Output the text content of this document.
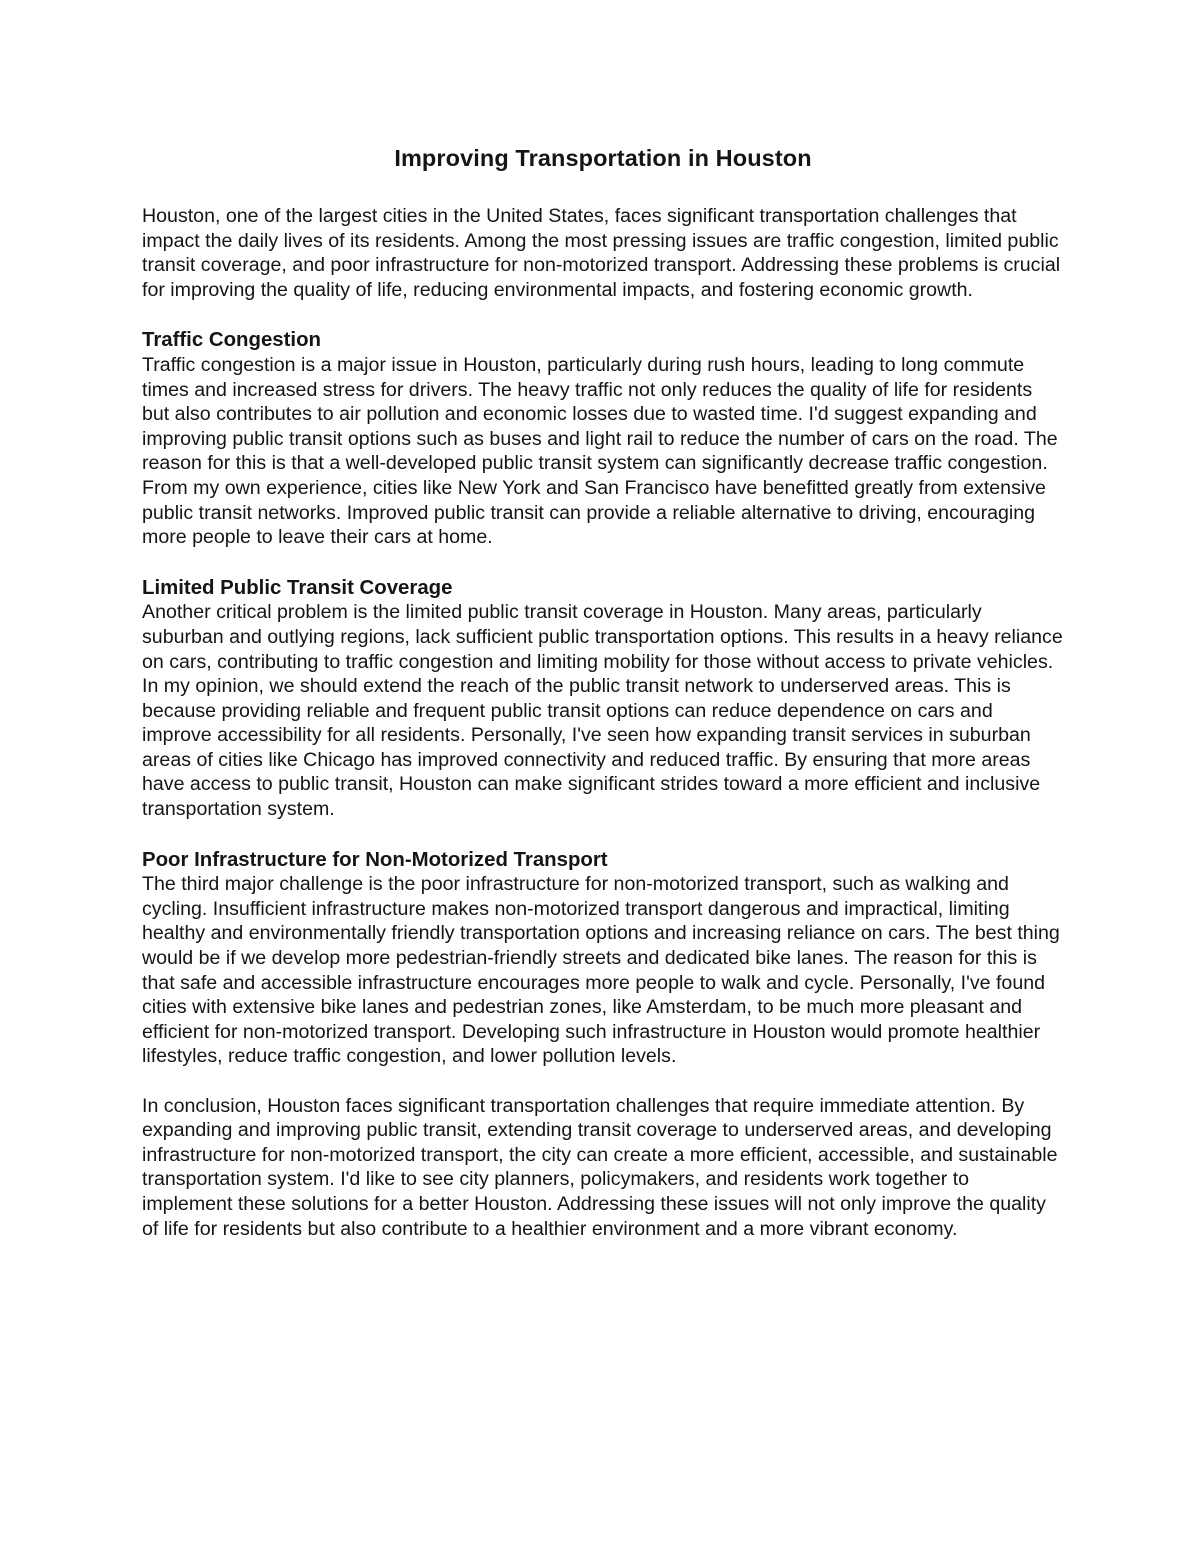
Improving Transportation in Houston

Houston, one of the largest cities in the United States, faces significant transportation challenges that impact the daily lives of its residents. Among the most pressing issues are traffic congestion, limited public transit coverage, and poor infrastructure for non-motorized transport. Addressing these problems is crucial for improving the quality of life, reducing environmental impacts, and fostering economic growth.

Traffic Congestion

Traffic congestion is a major issue in Houston, particularly during rush hours, leading to long commute times and increased stress for drivers. The heavy traffic not only reduces the quality of life for residents but also contributes to air pollution and economic losses due to wasted time. I'd suggest expanding and improving public transit options such as buses and light rail to reduce the number of cars on the road. The reason for this is that a well-developed public transit system can significantly decrease traffic congestion. From my own experience, cities like New York and San Francisco have benefitted greatly from extensive public transit networks. Improved public transit can provide a reliable alternative to driving, encouraging more people to leave their cars at home.

Limited Public Transit Coverage

Another critical problem is the limited public transit coverage in Houston. Many areas, particularly suburban and outlying regions, lack sufficient public transportation options. This results in a heavy reliance on cars, contributing to traffic congestion and limiting mobility for those without access to private vehicles. In my opinion, we should extend the reach of the public transit network to underserved areas. This is because providing reliable and frequent public transit options can reduce dependence on cars and improve accessibility for all residents. Personally, I've seen how expanding transit services in suburban areas of cities like Chicago has improved connectivity and reduced traffic. By ensuring that more areas have access to public transit, Houston can make significant strides toward a more efficient and inclusive transportation system.

Poor Infrastructure for Non-Motorized Transport

The third major challenge is the poor infrastructure for non-motorized transport, such as walking and cycling. Insufficient infrastructure makes non-motorized transport dangerous and impractical, limiting healthy and environmentally friendly transportation options and increasing reliance on cars. The best thing would be if we develop more pedestrian-friendly streets and dedicated bike lanes. The reason for this is that safe and accessible infrastructure encourages more people to walk and cycle. Personally, I've found cities with extensive bike lanes and pedestrian zones, like Amsterdam, to be much more pleasant and efficient for non-motorized transport. Developing such infrastructure in Houston would promote healthier lifestyles, reduce traffic congestion, and lower pollution levels.

In conclusion, Houston faces significant transportation challenges that require immediate attention. By expanding and improving public transit, extending transit coverage to underserved areas, and developing infrastructure for non-motorized transport, the city can create a more efficient, accessible, and sustainable transportation system. I'd like to see city planners, policymakers, and residents work together to implement these solutions for a better Houston. Addressing these issues will not only improve the quality of life for residents but also contribute to a healthier environment and a more vibrant economy.
